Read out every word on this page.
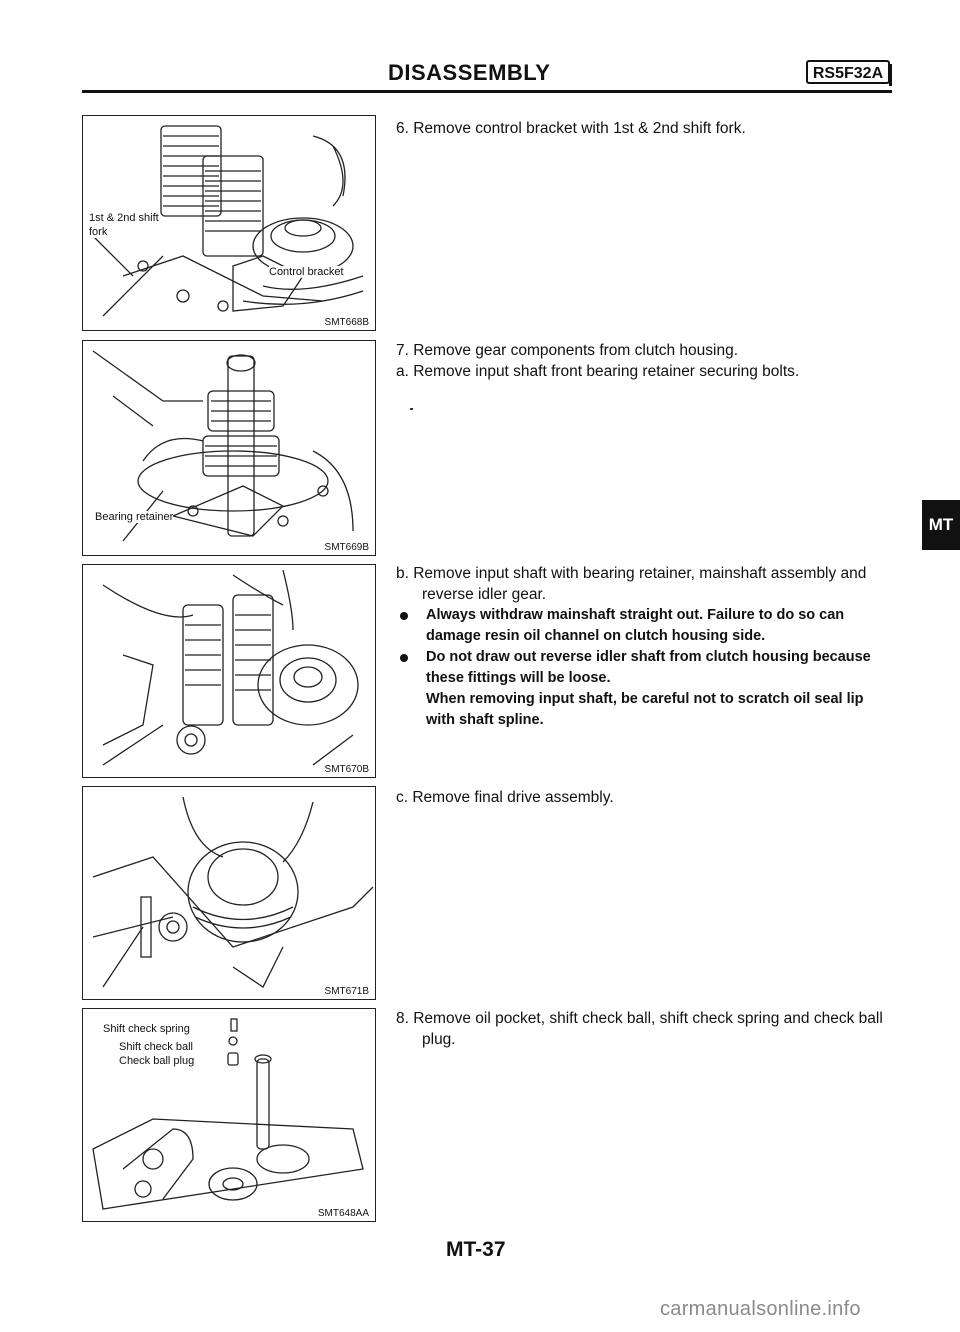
DISASSEMBLY	RS5F32A
1st & 2nd shift
fork
Control bracket
SMT668B
Bearing retainer
SMT669B
SMT670B
SMT671B
Shift check spring
Shift check ball
Check ball plug
SMT648AA

6. Remove control bracket with 1st & 2nd shift fork.

7. Remove gear components from clutch housing.

a. Remove input shaft front bearing retainer securing bolts.

b. Remove input shaft with bearing retainer, mainshaft assembly and reverse idler gear.

Always withdraw mainshaft straight out. Failure to do so can damage resin oil channel on clutch housing side.
Do not draw out reverse idler shaft from clutch housing because these fittings will be loose.
When removing input shaft, be careful not to scratch oil seal lip with shaft spline.

c. Remove final drive assembly.

8. Remove oil pocket, shift check ball, shift check spring and check ball plug.

MT
MT-37
carmanualsonline.info
